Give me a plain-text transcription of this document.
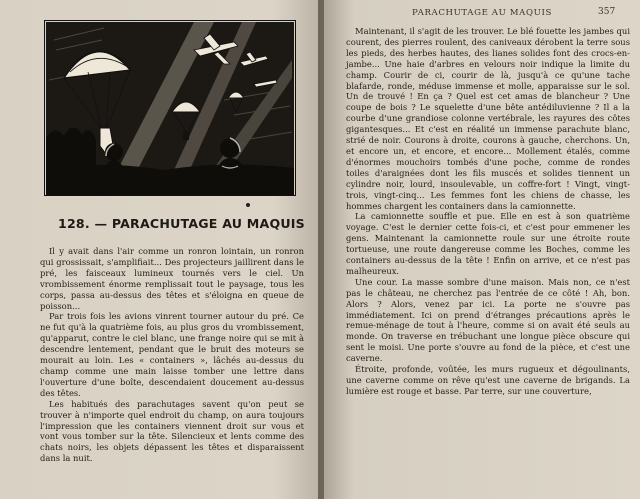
128. — PARACHUTAGE AU MAQUIS

Il y avait dans l'air comme un ronron lointain, un ronron qui grossissait, s'amplifiait... Des projecteurs jaillirent dans le pré, les faisceaux lumineux tournés vers le ciel. Un vrombissement énorme remplissait tout le paysage, tous les corps, passa au-dessus des têtes et s'éloigna en queue de poisson...

Par trois fois les avions vinrent tourner autour du pré. Ce ne fut qu'à la quatrième fois, au plus gros du vrombissement, qu'apparut, contre le ciel blanc, une frange noire qui se mit à descendre lentement, pendant que le bruit des moteurs se mourait au loin. Les « containers », lâchés au-dessus du champ comme une main laisse tomber une lettre dans l'ouverture d'une boîte, descendaient doucement au-dessus des têtes.

Les habitués des parachutages savent qu'on peut se trouver à n'importe quel endroit du champ, on aura toujours l'impression que les containers viennent droit sur vous et vont vous tomber sur la tête. Silencieux et lents comme des chats noirs, les objets dépassent les têtes et disparaissent dans la nuit.

PARACHUTAGE AU MAQUIS	357

Maintenant, il s'agit de les trouver. Le blé fouette les jambes qui courent, des pierres roulent, des caniveaux dérobent la terre sous les pieds, des herbes hautes, des lianes solides font des crocs-en-jambe... Une haie d'arbres en velours noir indique la limite du champ. Courir de ci, courir de là, jusqu'à ce qu'une tache blafarde, ronde, méduse immense et molle, apparaisse sur le sol. Un de trouvé ! En ça ? Quel est cet amas de blancheur ? Une coupe de bois ? Le squelette d'une bête antédiluvienne ? Il a la courbe d'une grandiose colonne vertébrale, les rayures des côtes gigantesques... Et c'est en réalité un immense parachute blanc, strié de noir. Courons à droite, courons à gauche, cherchons. Un, et encore un, et encore, et encore... Mollement étalés, comme d'énormes mouchoirs tombés d'une poche, comme de rondes toiles d'araignées dont les fils muscés et solides tiennent un cylindre noir, lourd, insoulevable, un coffre-fort ! Vingt, vingt-trois, vingt-cinq... Les femmes font les chiens de chasse, les hommes chargent les containers dans la camionnette.

La camionnette souffle et pue. Elle en est à son quatrième voyage. C'est le dernier cette fois-ci, et c'est pour emmener les gens. Maintenant la camionnette roule sur une étroite route tortueuse, une route dangereuse comme les Boches, comme les containers au-dessus de la tête ! Enfin on arrive, et ce n'est pas malheureux.

Une cour. La masse sombre d'une maison. Mais non, ce n'est pas le château, ne cherchez pas l'entrée de ce côté ! Ah, bon. Alors ? Alors, venez par ici. La porte ne s'ouvre pas immédiatement. Ici on prend d'étranges précautions après le remue-ménage de tout à l'heure, comme si on avait été seuls au monde. On traverse en trébuchant une longue pièce obscure qui sent le moisi. Une porte s'ouvre au fond de la pièce, et c'est une caverne.

Étroite, profonde, voûtée, les murs rugueux et dégoulinants, une caverne comme on rêve qu'est une caverne de brigands. La lumière est rouge et basse. Par terre, sur une couverture,
